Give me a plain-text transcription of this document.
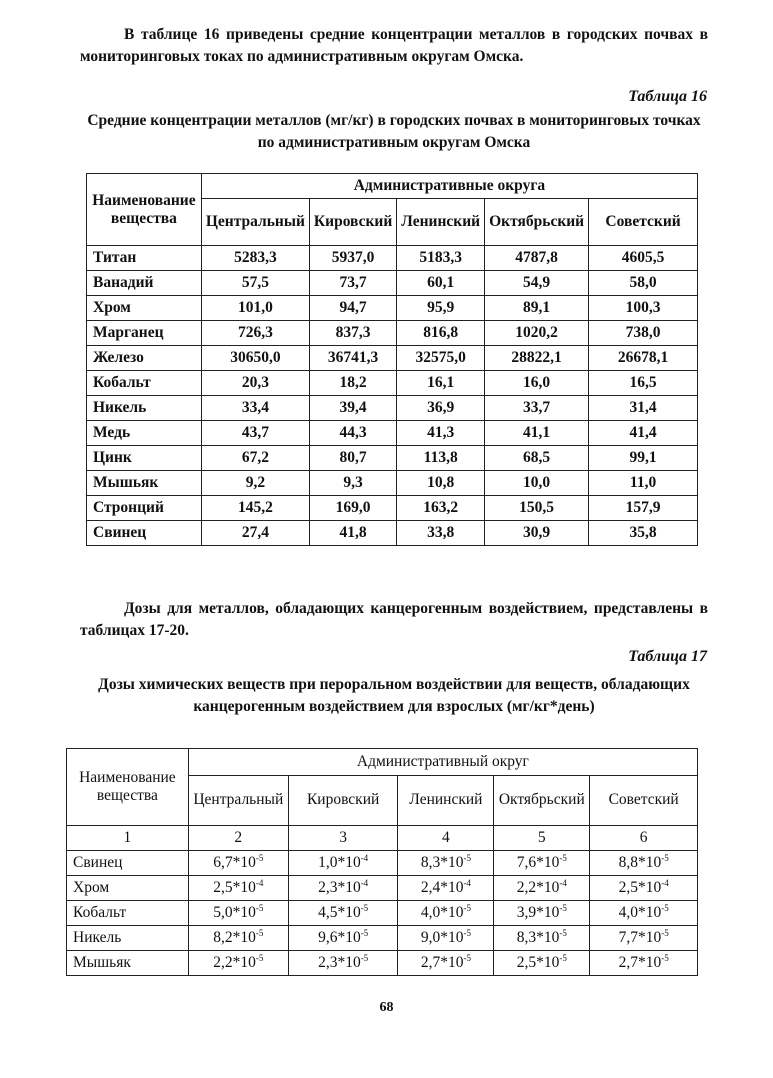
В таблице 16 приведены средние концентрации металлов в городских почвах в мониторинговых токах по административным округам Омска.
Таблица 16
Средние концентрации металлов (мг/кг) в городских почвах в мониторинговых точках по административным округам Омска
Наименование вещества	Административные округа				
	Центральный	Кировский	Ленинский	Октябрьский	Советский
Титан	5283,3	5937,0	5183,3	4787,8	4605,5
Ванадий	57,5	73,7	60,1	54,9	58,0
Хром	101,0	94,7	95,9	89,1	100,3
Марганец	726,3	837,3	816,8	1020,2	738,0
Железо	30650,0	36741,3	32575,0	28822,1	26678,1
Кобальт	20,3	18,2	16,1	16,0	16,5
Никель	33,4	39,4	36,9	33,7	31,4
Медь	43,7	44,3	41,3	41,1	41,4
Цинк	67,2	80,7	113,8	68,5	99,1
Мышьяк	9,2	9,3	10,8	10,0	11,0
Стронций	145,2	169,0	163,2	150,5	157,9
Свинец	27,4	41,8	33,8	30,9	35,8
Дозы для металлов, обладающих канцерогенным воздействием, представлены в таблицах 17-20.
Таблица 17
Дозы химических веществ при пероральном воздействии для веществ, обладающих канцерогенным воздействием для взрослых (мг/кг*день)
Наименование вещества	Административный округ				
	Центральный	Кировский	Ленинский	Октябрьский	Советский
1	2	3	4	5	6
Свинец	$6,7*10^{-5}$	$1,0*10^{-4}$	$8,3*10^{-5}$	$7,6*10^{-5}$	$8,8*10^{-5}$
Хром	$2,5*10^{-4}$	$2,3*10^{-4}$	$2,4*10^{-4}$	$2,2*10^{-4}$	$2,5*10^{-4}$
Кобальт	$5,0*10^{-5}$	$4,5*10^{-5}$	$4,0*10^{-5}$	$3,9*10^{-5}$	$4,0*10^{-5}$
Никель	$8,2*10^{-5}$	$9,6*10^{-5}$	$9,0*10^{-5}$	$8,3*10^{-5}$	$7,7*10^{-5}$
Мышьяк	$2,2*10^{-5}$	$2,3*10^{-5}$	$2,7*10^{-5}$	$2,5*10^{-5}$	$2,7*10^{-5}$
68
